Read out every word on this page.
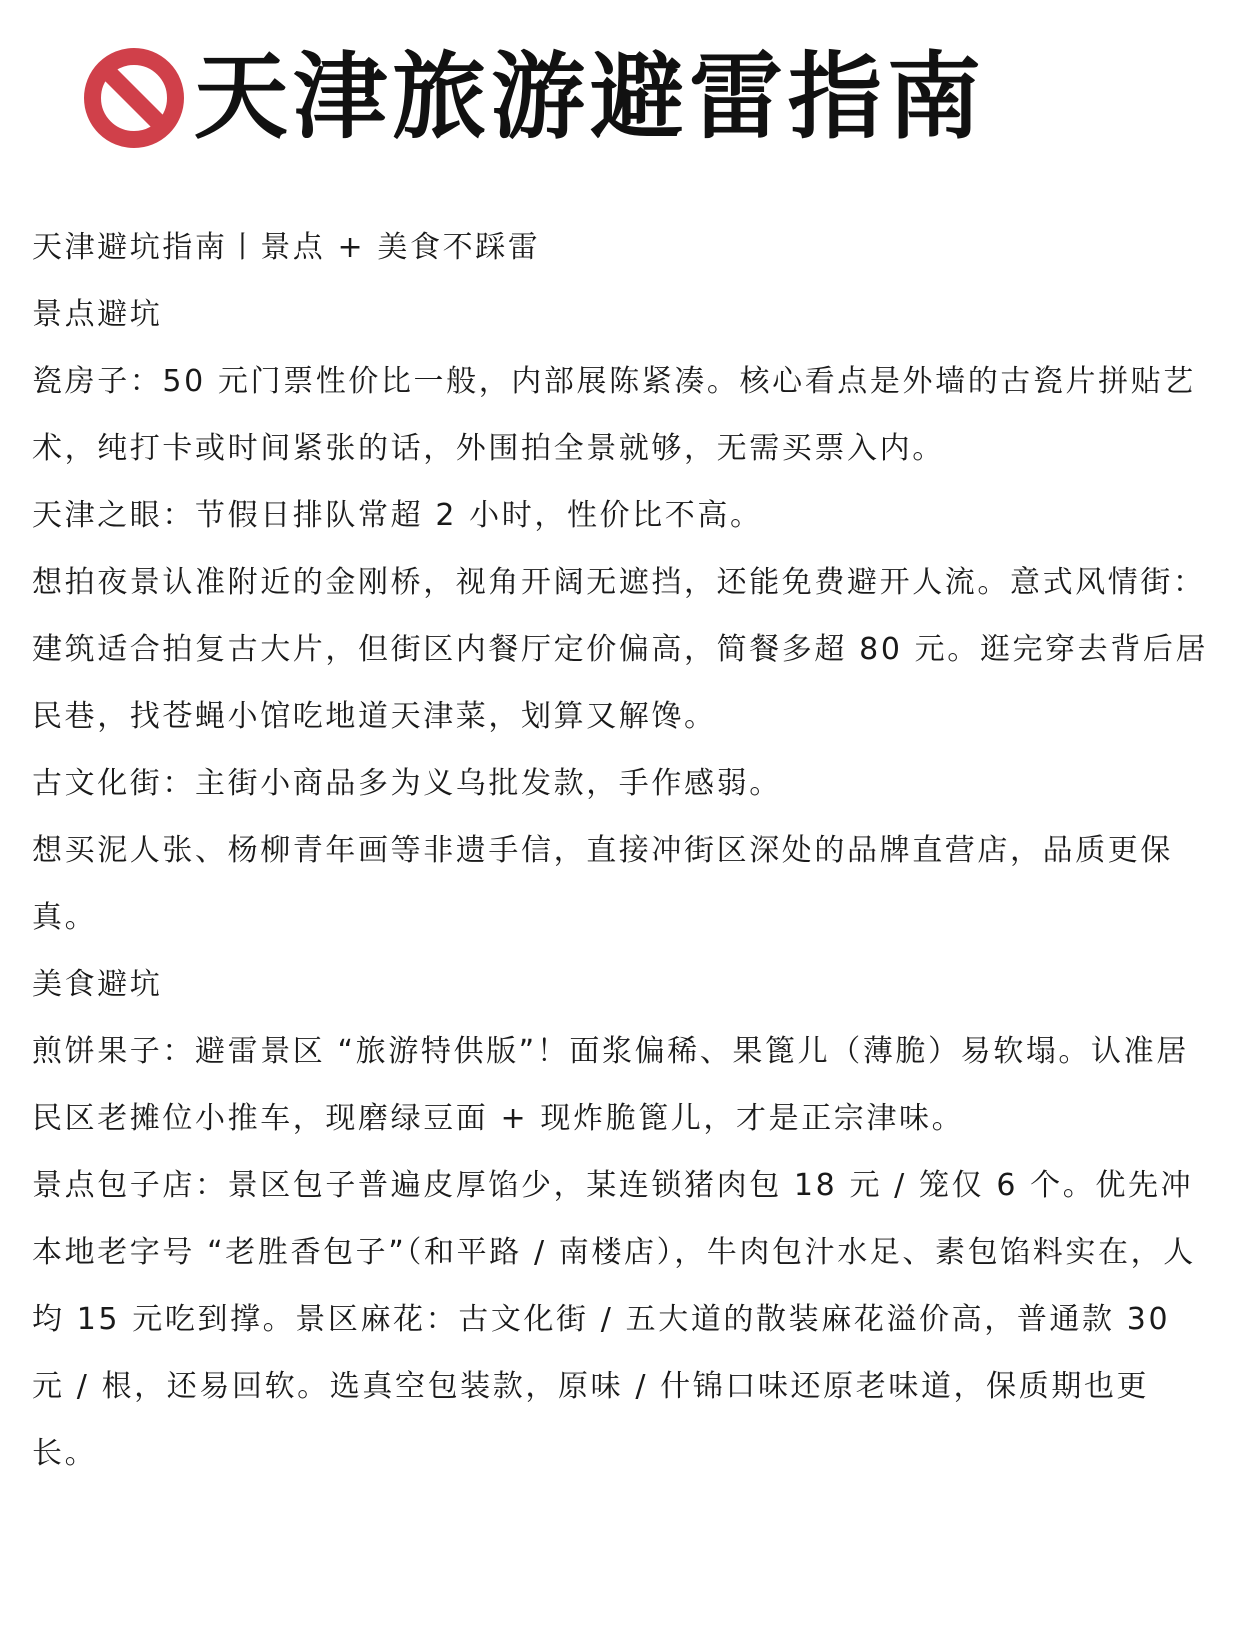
天津旅游避雷指南

天津避坑指南丨景点 + 美食不踩雷

景点避坑

瓷房子：50 元门票性价比一般，内部展陈紧凑。核心看点是外墙的古瓷片拼贴艺术，纯打卡或时间紧张的话，外围拍全景就够，无需买票入内。

天津之眼：节假日排队常超 2 小时，性价比不高。

想拍夜景认准附近的金刚桥，视角开阔无遮挡，还能免费避开人流。意式风情街：建筑适合拍复古大片，但街区内餐厅定价偏高，简餐多超 80 元。逛完穿去背后居民巷，找苍蝇小馆吃地道天津菜，划算又解馋。

古文化街：主街小商品多为义乌批发款，手作感弱。

想买泥人张、杨柳青年画等非遗手信，直接冲街区深处的品牌直营店，品质更保真。

美食避坑

煎饼果子：避雷景区 “旅游特供版”！面浆偏稀、果篦儿（薄脆）易软塌。认准居民区老摊位小推车，现磨绿豆面 + 现炸脆篦儿，才是正宗津味。

景点包子店：景区包子普遍皮厚馅少，某连锁猪肉包 18 元 / 笼仅 6 个。优先冲本地老字号 “老胜香包子”（和平路 / 南楼店），牛肉包汁水足、素包馅料实在，人均 15 元吃到撑。景区麻花：古文化街 / 五大道的散装麻花溢价高，普通款 30 元 / 根，还易回软。选真空包装款，原味 / 什锦口味还原老味道，保质期也更长。
